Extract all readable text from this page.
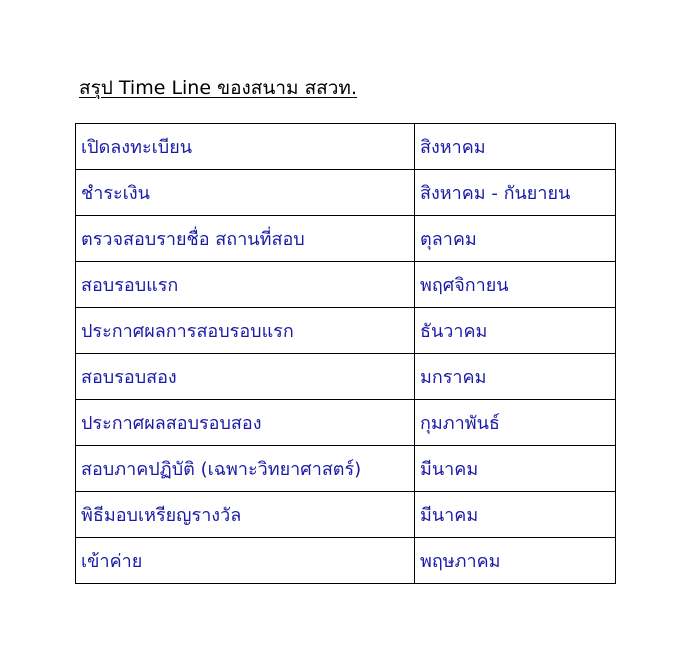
สรุป Time Line ของสนาม สสวท.
เปิดลงทะเบียน	สิงหาคม
ชำระเงิน	สิงหาคม - กันยายน
ตรวจสอบรายชื่อ สถานที่สอบ	ตุลาคม
สอบรอบแรก	พฤศจิกายน
ประกาศผลการสอบรอบแรก	ธันวาคม
สอบรอบสอง	มกราคม
ประกาศผลสอบรอบสอง	กุมภาพันธ์
สอบภาคปฏิบัติ (เฉพาะวิทยาศาสตร์)	มีนาคม
พิธีมอบเหรียญรางวัล	มีนาคม
เข้าค่าย	พฤษภาคม
